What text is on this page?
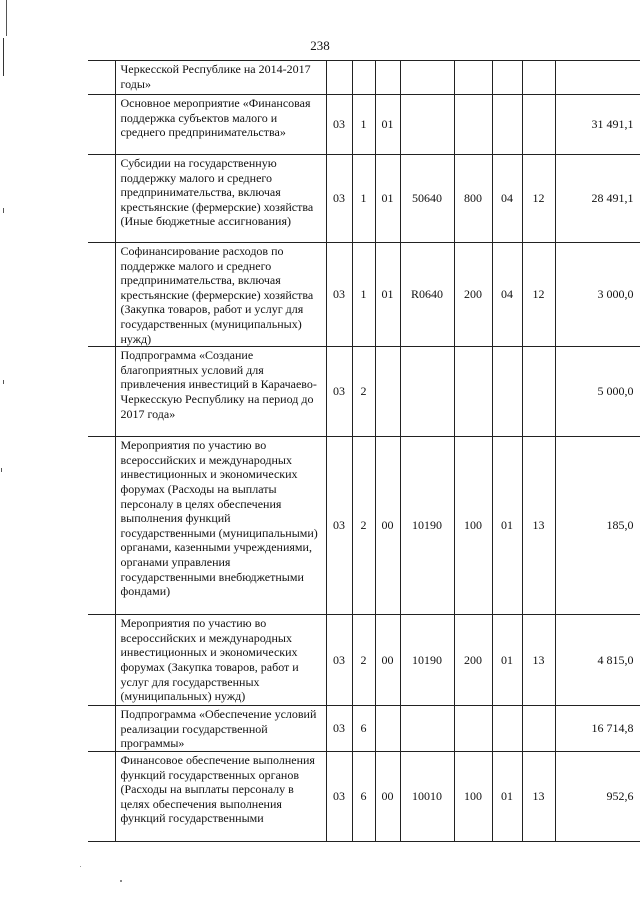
238
	Черкесской Республике на 2014-2017 годы»								
	Основное мероприятие «Финансовая поддержка субъектов малого и среднего предпринимательства»	03	1	01					31 491,1
	Субсидии на государственную поддержку малого и среднего предпринимательства, включая крестьянские (фермерские) хозяйства (Иные бюджетные ассигнования)	03	1	01	50640	800	04	12	28 491,1
	Софинансирование расходов по поддержке малого и среднего предпринимательства, включая крестьянские (фермерские) хозяйства (Закупка товаров, работ и услуг для государственных (муниципальных) нужд)	03	1	01	R0640	200	04	12	3 000,0
	Подпрограмма «Создание благоприятных условий для привлечения инвестиций в Карачаево-Черкесскую Республику на период до 2017 года»	03	2						5 000,0
	Мероприятия по участию во всероссийских и международных инвестиционных и экономических форумах (Расходы на выплаты персоналу в целях обеспечения выполнения функций государственными (муниципальными) органами, казенными учреждениями, органами управления государственными внебюджетными фондами)	03	2	00	10190	100	01	13	185,0
	Мероприятия по участию во всероссийских и международных инвестиционных и экономических форумах (Закупка товаров, работ и услуг для государственных (муниципальных) нужд)	03	2	00	10190	200	01	13	4 815,0
	Подпрограмма «Обеспечение условий реализации государственной программы»	03	6						16 714,8
	Финансовое обеспечение выполнения функций государственных органов (Расходы на выплаты персоналу в целях обеспечения выполнения функций государственными	03	6	00	10010	100	01	13	952,6
